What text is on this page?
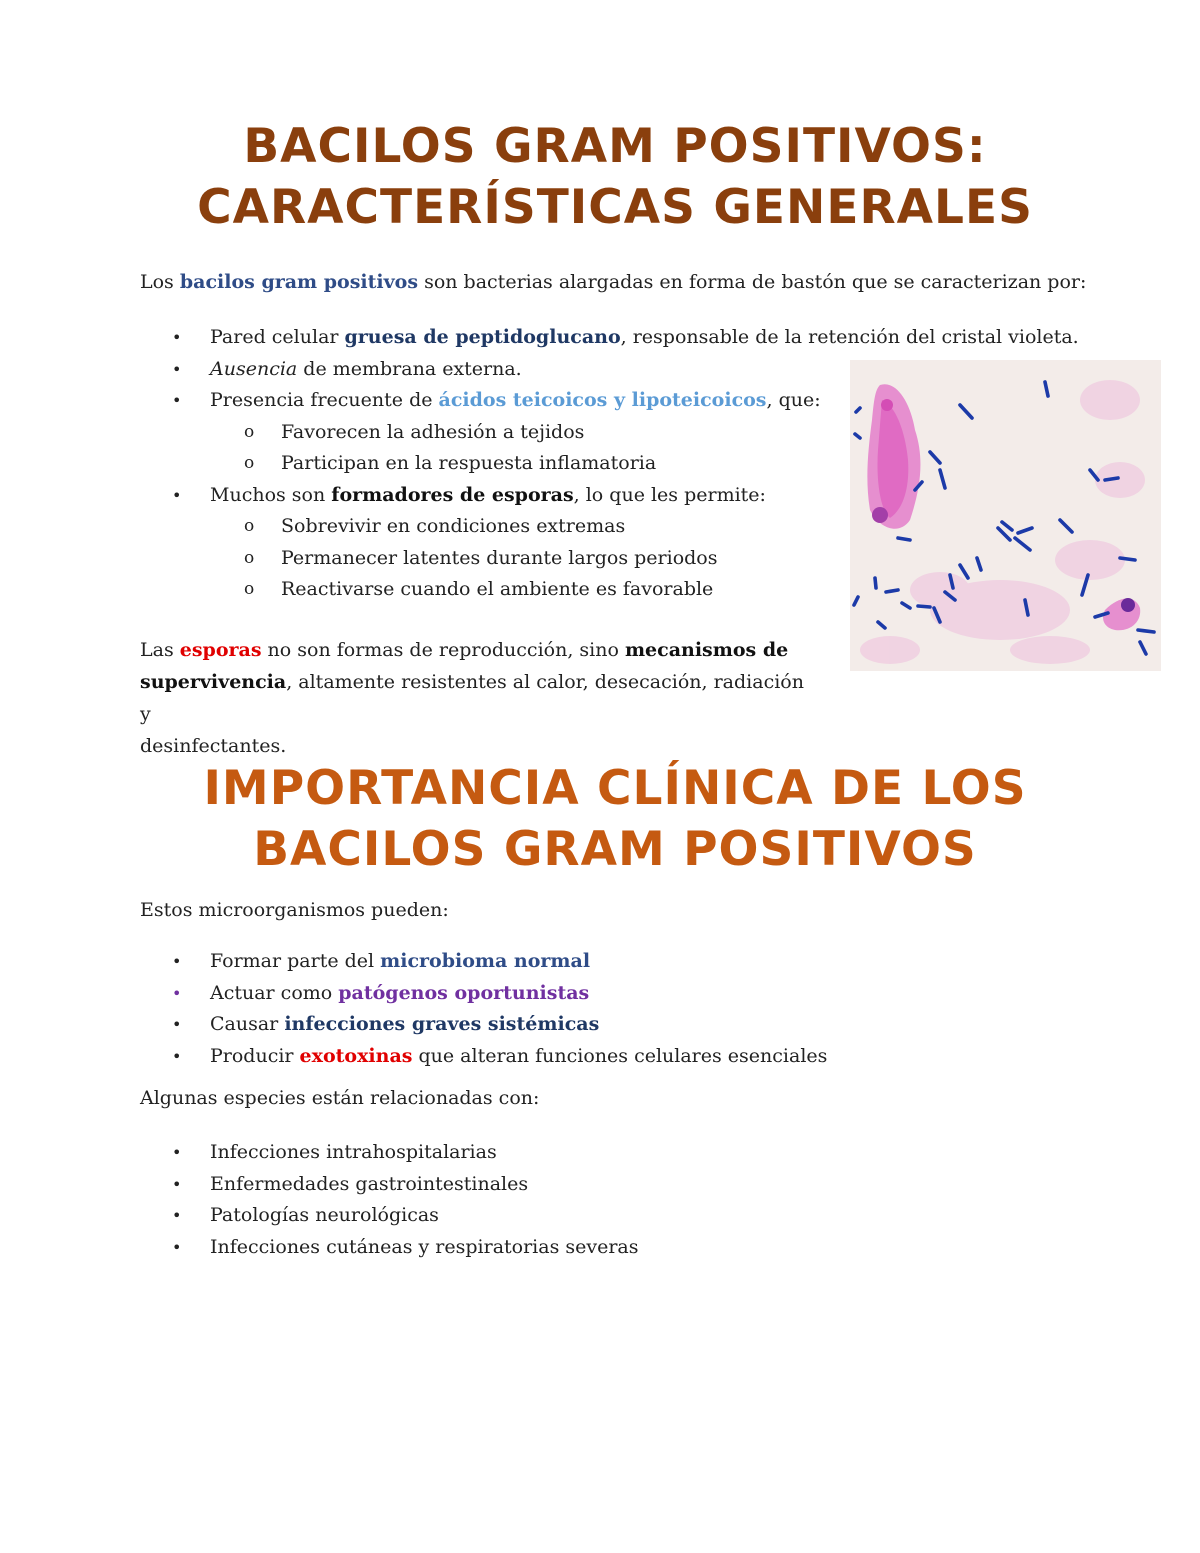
BACILOS GRAM POSITIVOS:
CARACTERÍSTICAS GENERALES

Los bacilos gram positivos son bacterias alargadas en forma de bastón que se caracterizan por:

• Pared celular gruesa de peptidoglucano, responsable de la retención del cristal violeta.
• Ausencia de membrana externa.
• Presencia frecuente de ácidos teicoicos y lipoteicoicos, que:
o Favorecen la adhesión a tejidos
o Participan en la respuesta inflamatoria
• Muchos son formadores de esporas, lo que les permite:
o Sobrevivir en condiciones extremas
o Permanecer latentes durante largos periodos
o Reactivarse cuando el ambiente es favorable

Las esporas no son formas de reproducción, sino mecanismos de
supervivencia, altamente resistentes al calor, desecación, radiación y
desinfectantes.

IMPORTANCIA CLÍNICA DE LOS
BACILOS GRAM POSITIVOS

Estos microorganismos pueden:

• Formar parte del microbioma normal
• Actuar como patógenos oportunistas
• Causar infecciones graves sistémicas
• Producir exotoxinas que alteran funciones celulares esenciales

Algunas especies están relacionadas con:

• Infecciones intrahospitalarias
• Enfermedades gastrointestinales
• Patologías neurológicas
• Infecciones cutáneas y respiratorias severas
